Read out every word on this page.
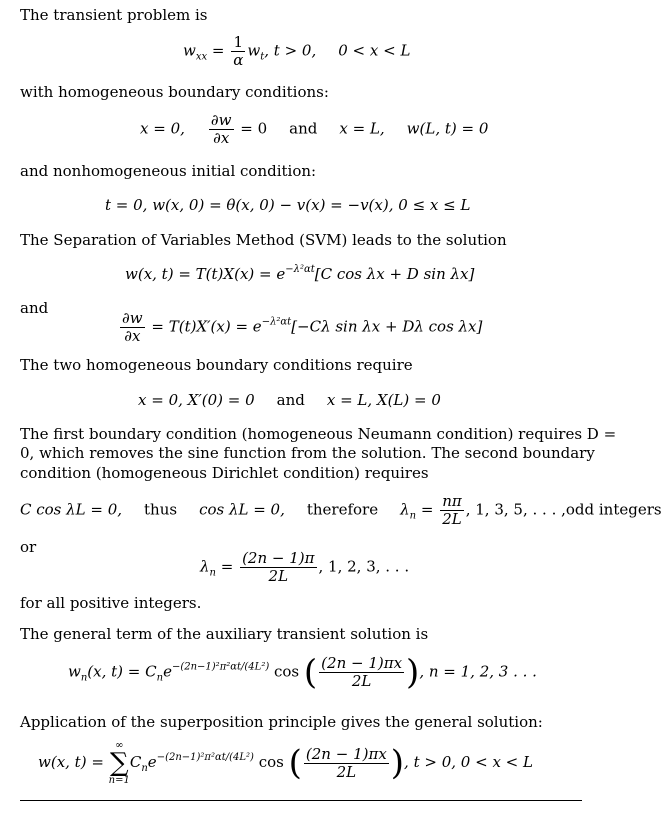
The transient problem is
$w_{xx} = \frac{1}{\alpha} w_t$, t > 0, 0 < x < L
with homogeneous boundary conditions:
x = 0, $\frac{\partial w}{\partial x} = 0$ and x = L, w(L, t) = 0
and nonhomogeneous initial condition:
t = 0, w(x, 0) = θ(x, 0) − v(x) = −v(x), 0 ≤ x ≤ L
The Separation of Variables Method (SVM) leads to the solution
w(x, $t) = T(t)X(x) = e^{-\lambda^2\alpha t}[C$ cos λx + D sin λx]
and
$\frac{\partial w}{\partial x} = T(t)X'(x) = e^{-\lambda^2\alpha t}[-C\lambda$ sin λx + Dλ cos λx]
The two homogeneous boundary conditions require
x = 0, X′(0) = 0 and x = L, X(L) = 0
The first boundary condition (homogeneous Neumann condition) requires D =
0, which removes the sine function from the solution. The second boundary
condition (homogeneous Dirichlet condition) requires
C cos λL = 0, thus cos λL = 0, therefore $\lambda_n = \frac{n\pi}{2L}$ , 1, 3, 5, . . . ,odd integers
or
$\lambda_n = \frac{(2n - 1)\pi}{2L}$ , 1, 2, 3, . . .
for all positive integers.
The general term of the auxiliary transient solution is
$w_n(x$, $t) = C_ne^{-(2n-1)^2\pi^2\alpha t/(4L^2)}$ cos ( $\frac{(2n - 1)\pi x}{2L}$ ), n = 1, 2, 3 . . .
Application of the superposition principle gives the general solution:
w(x, t) = ∞
∑
$n=1C_ne^{-(2n-1)^2\pi^2\alpha t/(4L^2)}$ cos ( $\frac{(2n - 1)\pi x}{2L}$ ), t > 0, 0 < x < L
